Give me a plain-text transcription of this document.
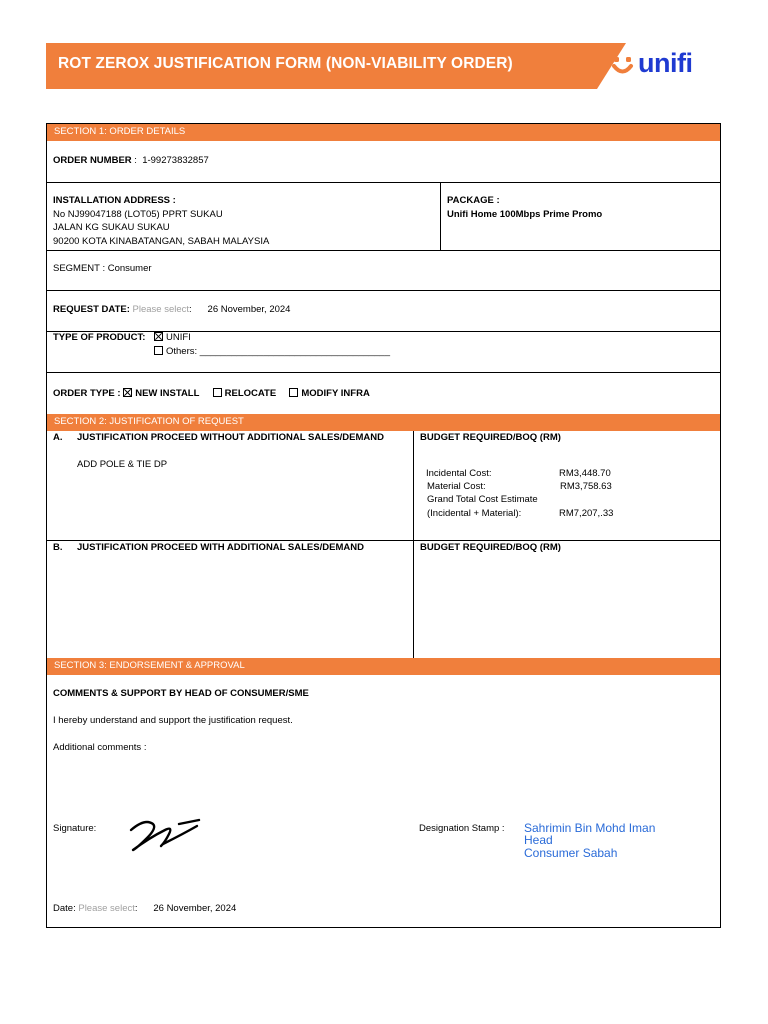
ROT ZEROX JUSTIFICATION FORM (NON-VIABILITY ORDER)	unifi
SECTION 1: ORDER DETAILS
ORDER NUMBER :  1-99273832857
INSTALLATION ADDRESS :
No NJ99047188 (LOT05) PPRT SUKAU
JALAN KG SUKAU SUKAU
90200 KOTA KINABATANGAN, SABAH MALAYSIA
PACKAGE :
Unifi Home 100Mbps Prime Promo
SEGMENT : Consumer
REQUEST DATE: Please select:      26 November, 2024
TYPE OF PRODUCT:	UNIFI
Others: ____________________________________
ORDER TYPE : NEW INSTALL	RELOCATE	MODIFY INFRA
SECTION 2: JUSTIFICATION OF REQUEST
A. JUSTIFICATION PROCEED WITHOUT ADDITIONAL SALES/DEMAND
ADD POLE & TIE DP
BUDGET REQUIRED/BOQ (RM)
Incidental Cost:	RM3,448.70
Material Cost:	RM3,758.63
Grand Total Cost Estimate
(Incidental + Material):	RM7,207,.33
B. JUSTIFICATION PROCEED WITH ADDITIONAL SALES/DEMAND	BUDGET REQUIRED/BOQ (RM)
SECTION 3: ENDORSEMENT & APPROVAL
COMMENTS & SUPPORT BY HEAD OF CONSUMER/SME
I hereby understand and support the justification request.
Additional comments :
Signature:	Designation Stamp : Sahrimin Bin Mohd Iman
Head
Consumer Sabah
Date: Please select:      26 November, 2024
